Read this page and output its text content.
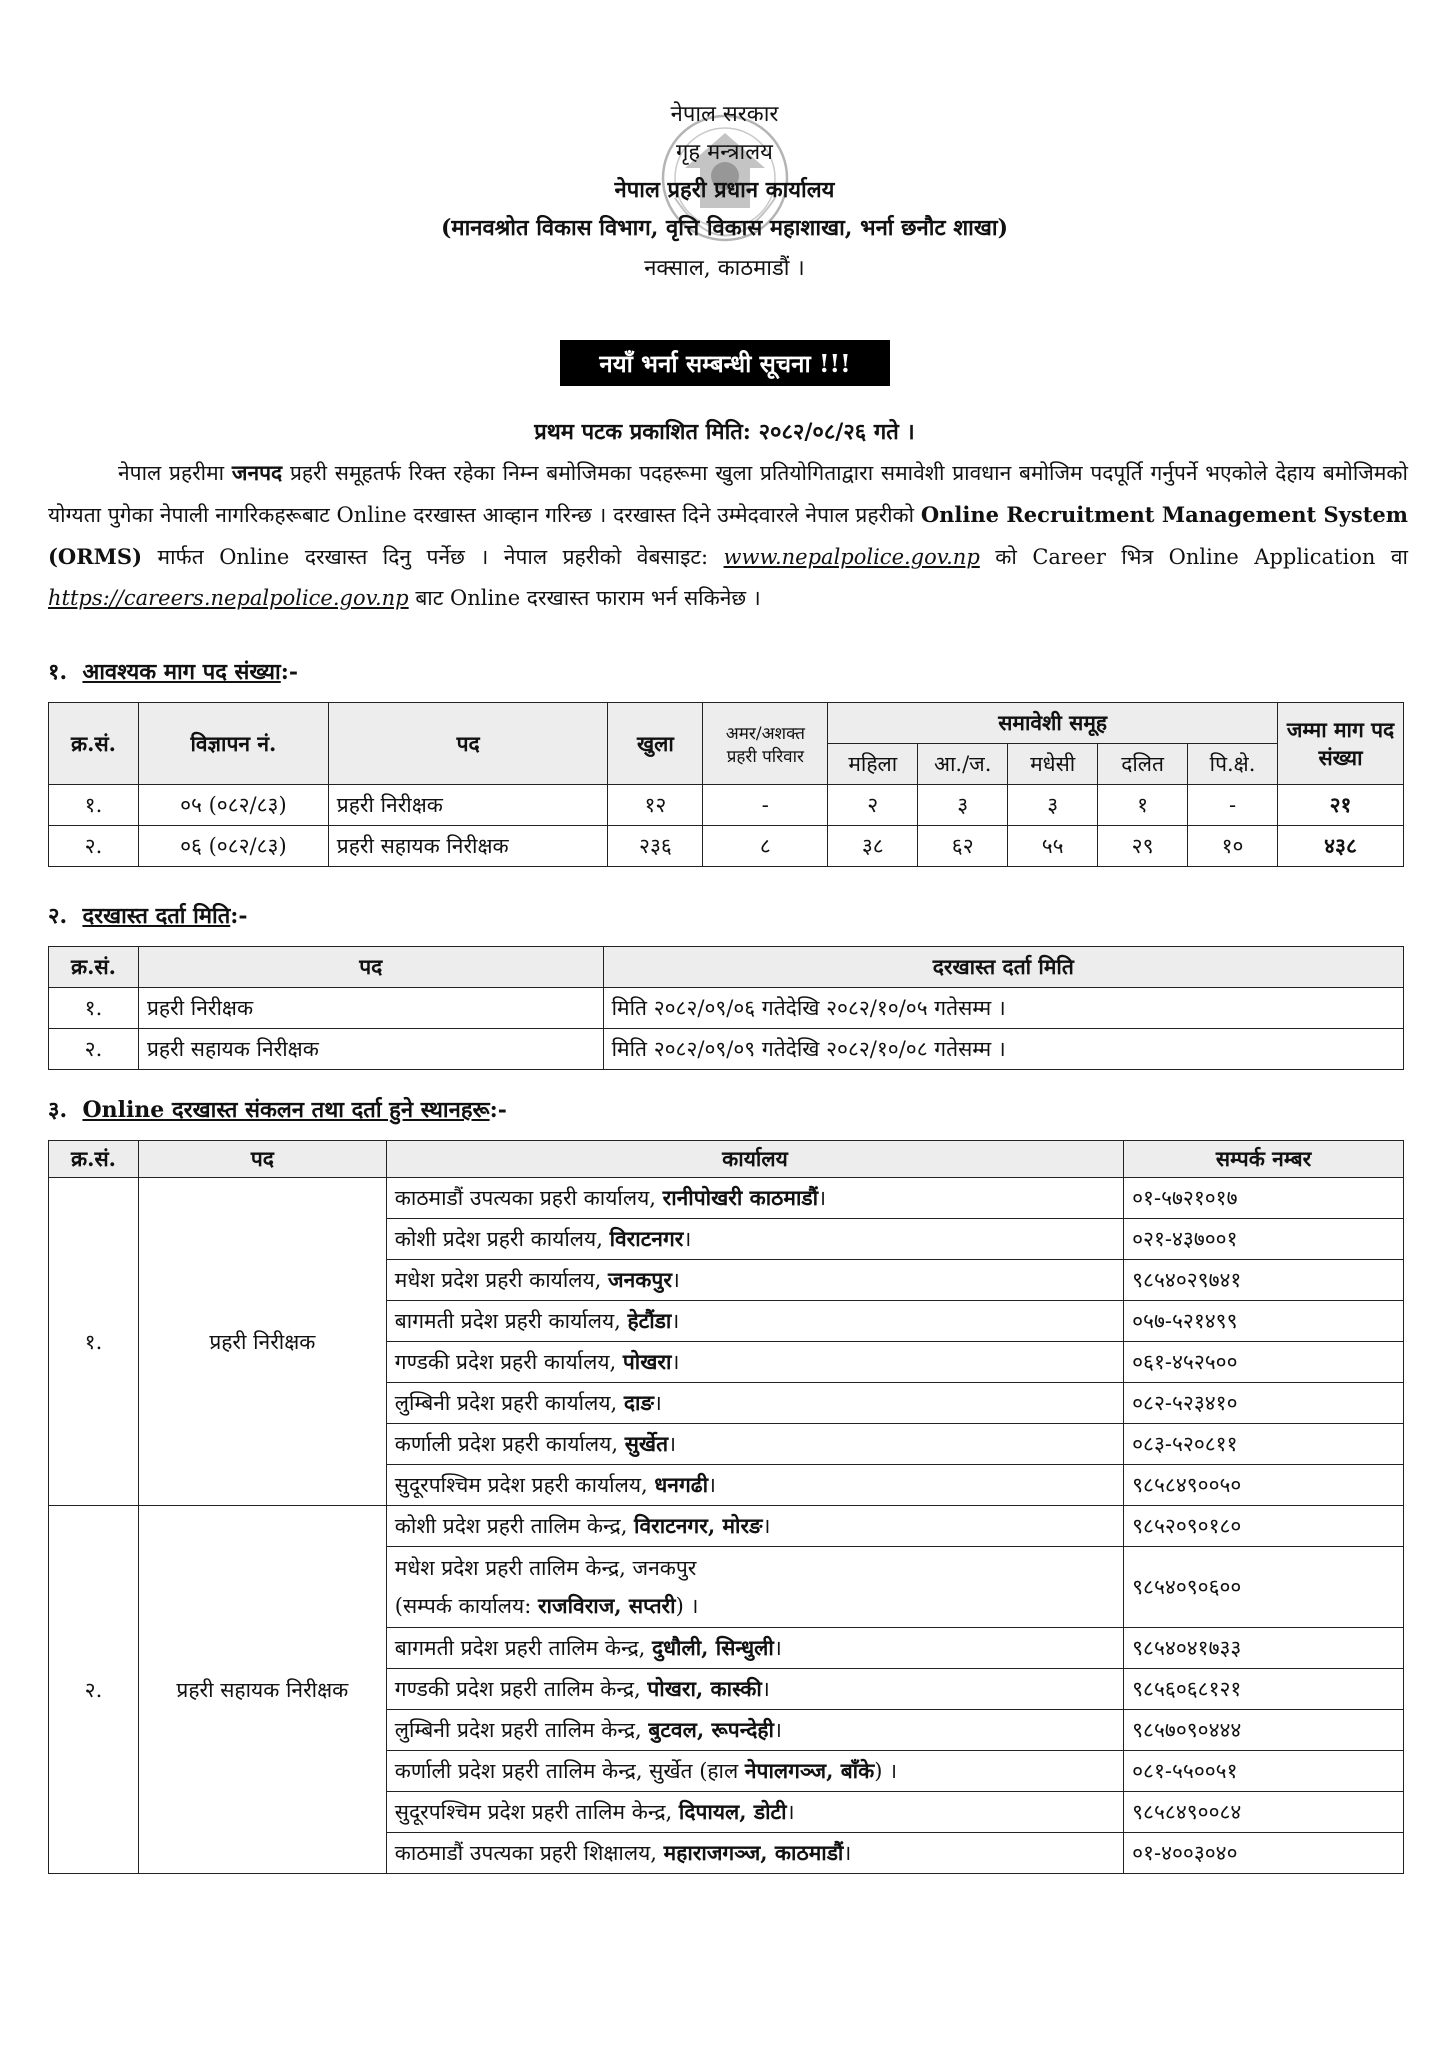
नेपाल सरकार
गृह मन्त्रालय
नेपाल प्रहरी प्रधान कार्यालय
(मानवश्रोत विकास विभाग, वृत्ति विकास महाशाखा, भर्ना छनौट शाखा)
नक्साल, काठमाडौं ।
नयाँ भर्ना सम्बन्धी सूचना !!!
प्रथम पटक प्रकाशित मिति: २०८२/०८/२६ गते ।
नेपाल प्रहरीमा जनपद प्रहरी समूहतर्फ रिक्त रहेका निम्न बमोजिमका पदहरूमा खुला प्रतियोगिताद्वारा समावेशी प्रावधान बमोजिम पदपूर्ति गर्नुपर्ने भएकोले देहाय बमोजिमको योग्यता पुगेका नेपाली नागरिकहरूबाट Online दरखास्त आव्हान गरिन्छ । दरखास्त दिने उम्मेदवारले नेपाल प्रहरीको Online Recruitment Management System (ORMS) मार्फत Online दरखास्त दिनु पर्नेछ । नेपाल प्रहरीको वेबसाइट: www.nepalpolice.gov.np को Career भित्र Online Application वा https://careers.nepalpolice.gov.np बाट Online दरखास्त फाराम भर्न सकिनेछ ।
१. आवश्यक माग पद संख्या:-
क्र.सं.	विज्ञापन नं.	पद	खुला	अमर/अशक्त प्रहरी परिवार	समावेशी समूह					जम्मा माग पद संख्या
					महिला	आ./ज.	मधेसी	दलित	पि.क्षे.	
१.	०५ (०८२/८३)	प्रहरी निरीक्षक	१२	-	२	३	३	१	-	२१
२.	०६ (०८२/८३)	प्रहरी सहायक निरीक्षक	२३६	८	३८	६२	५५	२९	१०	४३८
२. दरखास्त दर्ता मिति:-
क्र.सं.	पद	दरखास्त दर्ता मिति
१.	प्रहरी निरीक्षक	मिति २०८२/०९/०६ गतेदेखि २०८२/१०/०५ गतेसम्म ।
२.	प्रहरी सहायक निरीक्षक	मिति २०८२/०९/०९ गतेदेखि २०८२/१०/०८ गतेसम्म ।
३. Online दरखास्त संकलन तथा दर्ता हुने स्थानहरू:-
क्र.सं.	पद	कार्यालय	सम्पर्क नम्बर
१.	प्रहरी निरीक्षक	काठमाडौं उपत्यका प्रहरी कार्यालय, रानीपोखरी काठमाडौं।	०१-५७२१०१७
		कोशी प्रदेश प्रहरी कार्यालय, विराटनगर।	०२१-४३७००१
		मधेश प्रदेश प्रहरी कार्यालय, जनकपुर।	९८५४०२९७४१
		बागमती प्रदेश प्रहरी कार्यालय, हेटौंडा।	०५७-५२१४९९
		गण्डकी प्रदेश प्रहरी कार्यालय, पोखरा।	०६१-४५२५००
		लुम्बिनी प्रदेश प्रहरी कार्यालय, दाङ।	०८२-५२३४१०
		कर्णाली प्रदेश प्रहरी कार्यालय, सुर्खेत।	०८३-५२०८११
		सुदूरपश्चिम प्रदेश प्रहरी कार्यालय, धनगढी।	९८५८४९००५०
२.	प्रहरी सहायक निरीक्षक	कोशी प्रदेश प्रहरी तालिम केन्द्र, विराटनगर, मोरङ।	९८५२०९०१८०
		मधेश प्रदेश प्रहरी तालिम केन्द्र, जनकपुर
(सम्पर्क कार्यालय: राजविराज, सप्तरी) ।	९८५४०९०६००
		बागमती प्रदेश प्रहरी तालिम केन्द्र, दुधौली, सिन्धुली।	९८५४०४१७३३
		गण्डकी प्रदेश प्रहरी तालिम केन्द्र, पोखरा, कास्की।	९८५६०६८१२१
		लुम्बिनी प्रदेश प्रहरी तालिम केन्द्र, बुटवल, रूपन्देही।	९८५७०९०४४४
		कर्णाली प्रदेश प्रहरी तालिम केन्द्र, सुर्खेत (हाल नेपालगञ्ज, बाँके) ।	०८१-५५००५१
		सुदूरपश्चिम प्रदेश प्रहरी तालिम केन्द्र, दिपायल, डोटी।	९८५८४९००८४
		काठमाडौं उपत्यका प्रहरी शिक्षालय, महाराजगञ्ज, काठमाडौं।	०१-४००३०४०
